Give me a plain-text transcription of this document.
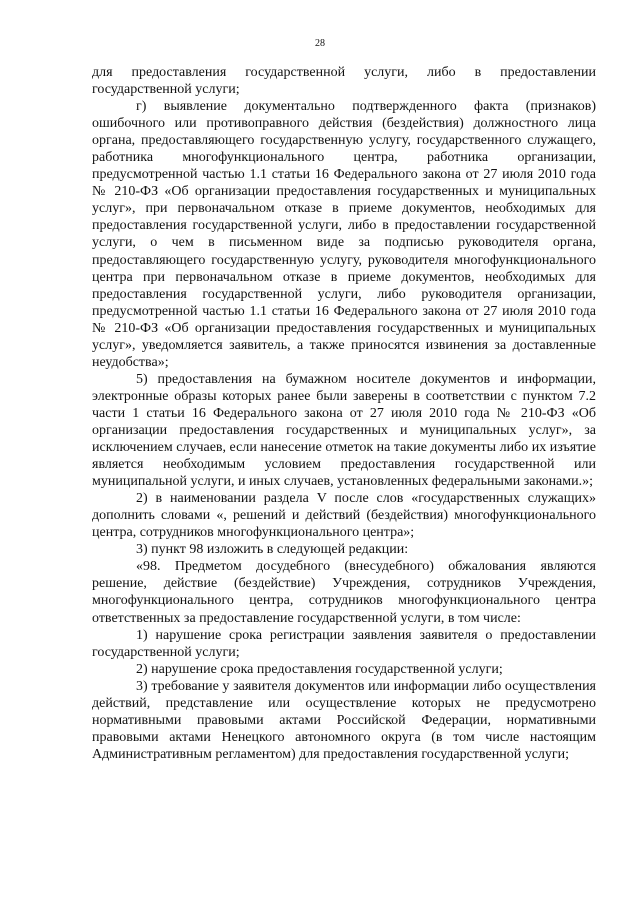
28

для предоставления государственной услуги, либо в предоставлении государственной услуги;

г) выявление документально подтвержденного факта (признаков) ошибочного или противоправного действия (бездействия) должностного лица органа, предоставляющего государственную услугу, государственного служащего, работника многофункционального центра, работника организации, предусмотренной частью 1.1 статьи 16 Федерального закона от 27 июля 2010 года № 210-ФЗ «Об организации предоставления государственных и муниципальных услуг», при первоначальном отказе в приеме документов, необходимых для предоставления государственной услуги, либо в предоставлении государственной услуги, о чем в письменном виде за подписью руководителя органа, предоставляющего государственную услугу, руководителя многофункционального центра при первоначальном отказе в приеме документов, необходимых для предоставления государственной услуги, либо руководителя организации, предусмотренной частью 1.1 статьи 16 Федерального закона от 27 июля 2010 года № 210-ФЗ «Об организации предоставления государственных и муниципальных услуг», уведомляется заявитель, а также приносятся извинения за доставленные неудобства»;

5) предоставления на бумажном носителе документов и информации, электронные образы которых ранее были заверены в соответствии с пунктом 7.2 части 1 статьи 16 Федерального закона от 27 июля 2010 года № 210-ФЗ «Об организации предоставления государственных и муниципальных услуг», за исключением случаев, если нанесение отметок на такие документы либо их изъятие является необходимым условием предоставления государственной или муниципальной услуги, и иных случаев, установленных федеральными законами.»;

2) в наименовании раздела V после слов «государственных служащих» дополнить словами «, решений и действий (бездействия) многофункционального центра, сотрудников многофункционального центра»;

3) пункт 98 изложить в следующей редакции:

«98. Предметом досудебного (внесудебного) обжалования являются решение, действие (бездействие) Учреждения, сотрудников Учреждения, многофункционального центра, сотрудников многофункционального центра ответственных за предоставление государственной услуги, в том числе:

1) нарушение срока регистрации заявления заявителя о предоставлении государственной услуги;

2) нарушение срока предоставления государственной услуги;

3) требование у заявителя документов или информации либо осуществления действий, представление или осуществление которых не предусмотрено нормативными правовыми актами Российской Федерации, нормативными правовыми актами Ненецкого автономного округа (в том числе настоящим Административным регламентом) для предоставления государственной услуги;
